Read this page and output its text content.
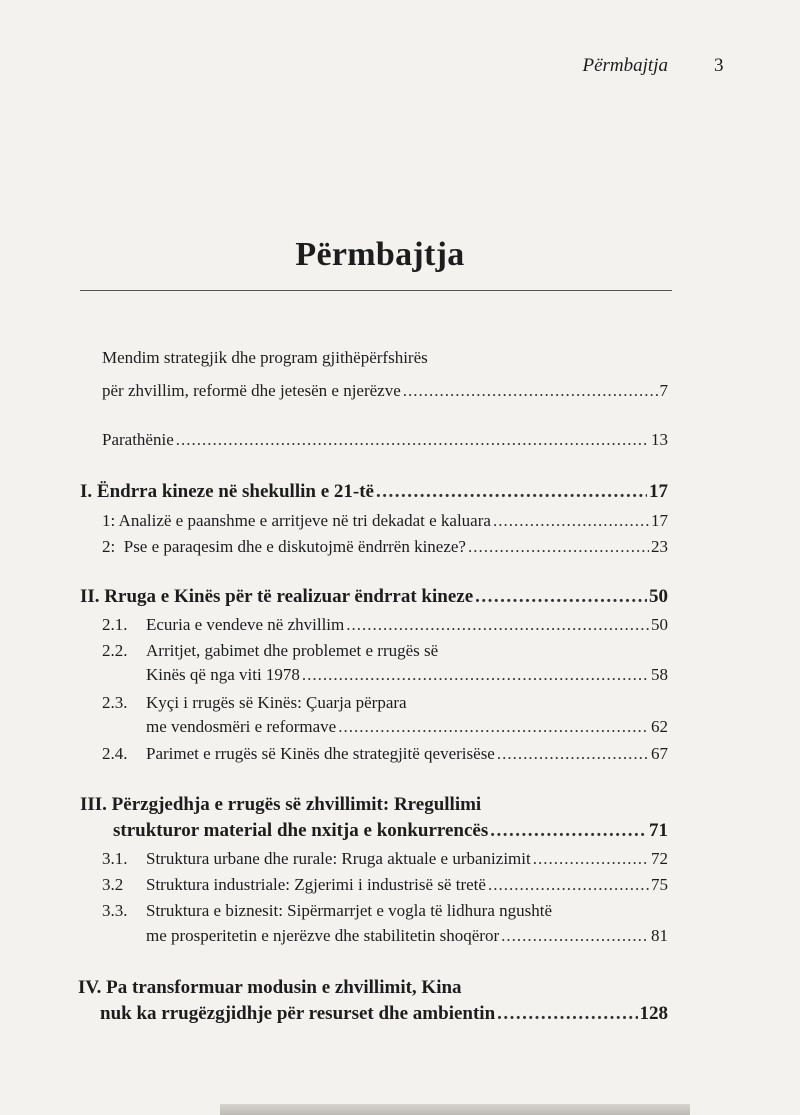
Përmbajtja 3
Përmbajtja
Mendim strategjik dhe program gjithëpërfshirës
për zhvillim, reformë dhe jetesën e njerëzve .....	7
Parathënie .....	13
I. Ëndrra kineze në shekullin e 21-të .....	17
1: Analizë e paanshme e arritjeve në tri dekadat e kaluara .....	17
2: Pse e paraqesim dhe e diskutojmë ëndrrën kineze? .....	23
II. Rruga e Kinës për të realizuar ëndrrat kineze .....	50
2.1. Ecuria e vendeve në zhvillim .....	50
2.2. Arritjet, gabimet dhe problemet e rrugës së
Kinës që nga viti 1978 .....	58
2.3. Kyçi i rrugës së Kinës: Çuarja përpara
me vendosmëri e reformave .....	62
2.4. Parimet e rrugës së Kinës dhe strategjitë qeverisëse .....	67
III. Përzgjedhja e rrugës së zhvillimit: Rregullimi
strukturor material dhe nxitja e konkurrencës .....	71
3.1. Struktura urbane dhe rurale: Rruga aktuale e urbanizimit .....	72
3.2 Struktura industriale: Zgjerimi i industrisë së tretë .....	75
3.3. Struktura e biznesit: Sipërmarrjet e vogla të lidhura ngushtë
me prosperitetin e njerëzve dhe stabilitetin shoqëror .....	81
IV. Pa transformuar modusin e zhvillimit, Kina
nuk ka rrugëzgjidhje për resurset dhe ambientin .....	128
